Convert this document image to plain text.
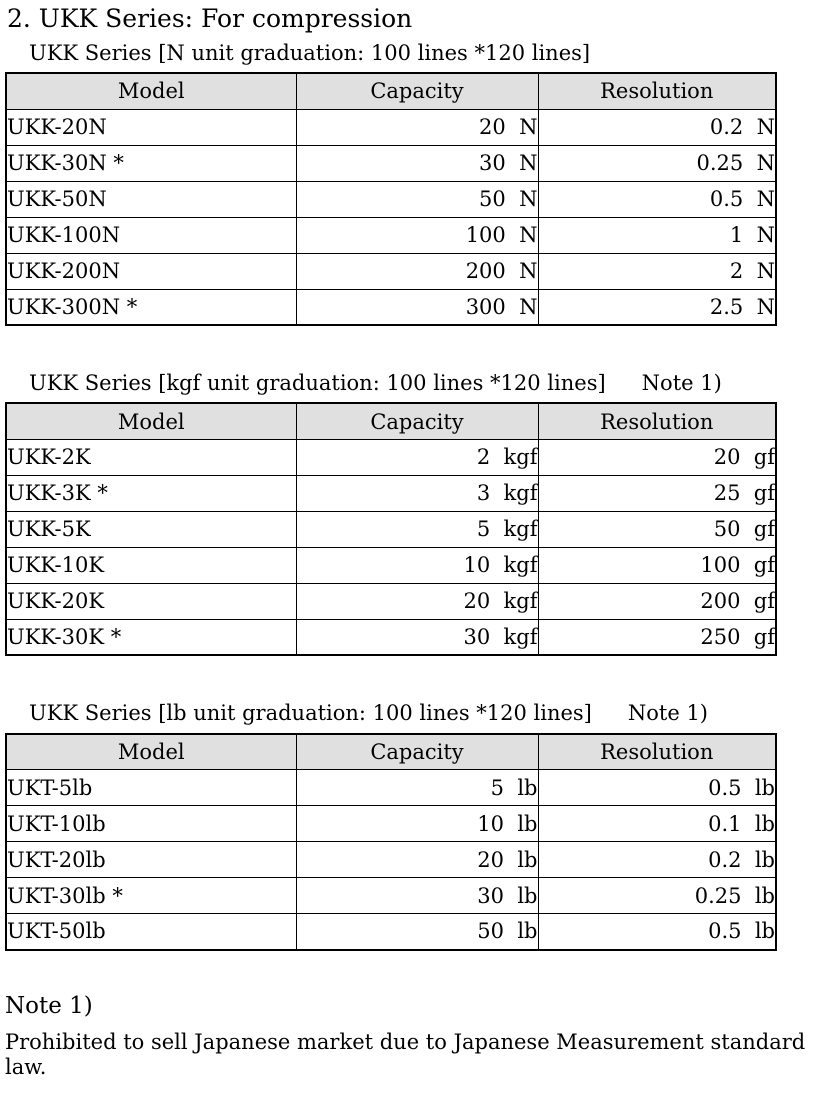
2. UKK Series: For compression

UKK Series [N unit graduation: 100 lines *120 lines]

Model	Capacity	Resolution
UKK-20N	20  N	0.2  N
UKK-30N *	30  N	0.25  N
UKK-50N	50  N	0.5  N
UKK-100N	100  N	1  N
UKK-200N	200  N	2  N
UKK-300N *	300  N	2.5  N

UKK Series [kgf unit graduation: 100 lines *120 lines] Note 1)

Model	Capacity	Resolution
UKK-2K	2  kgf	20  gf
UKK-3K *	3  kgf	25  gf
UKK-5K	5  kgf	50  gf
UKK-10K	10  kgf	100  gf
UKK-20K	20  kgf	200  gf
UKK-30K *	30  kgf	250  gf

UKK Series [lb unit graduation: 100 lines *120 lines] Note 1)

Model	Capacity	Resolution
UKT-5lb	5  lb	0.5  lb
UKT-10lb	10  lb	0.1  lb
UKT-20lb	20  lb	0.2  lb
UKT-30lb *	30  lb	0.25  lb
UKT-50lb	50  lb	0.5  lb

Note 1)

Prohibited to sell Japanese market due to Japanese Measurement standard law.
